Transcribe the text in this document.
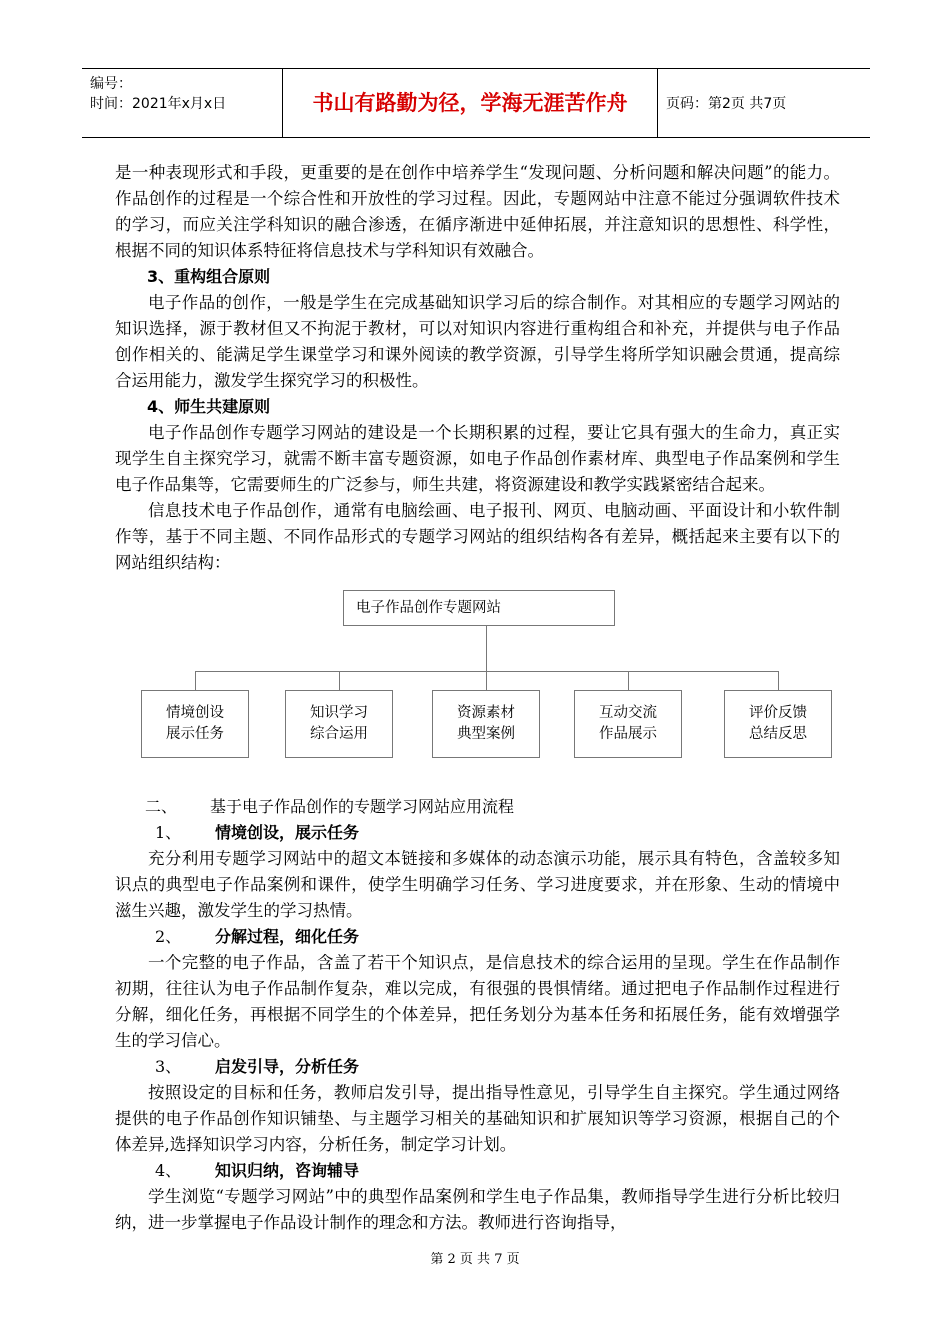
编号：
时间：2021年x月x日	书山有路勤为径，学海无涯苦作舟	页码：第2页 共7页

是一种表现形式和手段，更重要的是在创作中培养学生“发现问题、分析问题和解决问题”的能力。作品创作的过程是一个综合性和开放性的学习过程。因此，专题网站中注意不能过分强调软件技术的学习，而应关注学科知识的融合渗透，在循序渐进中延伸拓展，并注意知识的思想性、科学性，根据不同的知识体系特征将信息技术与学科知识有效融合。

3、重构组合原则

电子作品的创作，一般是学生在完成基础知识学习后的综合制作。对其相应的专题学习网站的知识选择，源于教材但又不拘泥于教材，可以对知识内容进行重构组合和补充，并提供与电子作品创作相关的、能满足学生课堂学习和课外阅读的教学资源，引导学生将所学知识融会贯通，提高综合运用能力，激发学生探究学习的积极性。

4、师生共建原则

电子作品创作专题学习网站的建设是一个长期积累的过程，要让它具有强大的生命力，真正实现学生自主探究学习，就需不断丰富专题资源，如电子作品创作素材库、典型电子作品案例和学生电子作品集等，它需要师生的广泛参与，师生共建，将资源建设和教学实践紧密结合起来。

信息技术电子作品创作，通常有电脑绘画、电子报刊、网页、电脑动画、平面设计和小软件制作等，基于不同主题、不同作品形式的专题学习网站的组织结构各有差异，概括起来主要有以下的网站组织结构：

电子作品创作专题网站
情境创设
展示任务
知识学习
综合运用
资源素材
典型案例
互动交流
作品展示
评价反馈
总结反思

二、 基于电子作品创作的专题学习网站应用流程

1、 情境创设，展示任务

充分利用专题学习网站中的超文本链接和多媒体的动态演示功能，展示具有特色，含盖较多知识点的典型电子作品案例和课件，使学生明确学习任务、学习进度要求，并在形象、生动的情境中滋生兴趣，激发学生的学习热情。

2、 分解过程，细化任务

一个完整的电子作品，含盖了若干个知识点，是信息技术的综合运用的呈现。学生在作品制作初期，往往认为电子作品制作复杂，难以完成，有很强的畏惧情绪。通过把电子作品制作过程进行分解，细化任务，再根据不同学生的个体差异，把任务划分为基本任务和拓展任务，能有效增强学生的学习信心。

3、 启发引导，分析任务

按照设定的目标和任务，教师启发引导，提出指导性意见，引导学生自主探究。学生通过网络提供的电子作品创作知识铺垫、与主题学习相关的基础知识和扩展知识等学习资源，根据自己的个体差异,选择知识学习内容，分析任务，制定学习计划。

4、 知识归纳，咨询辅导

学生浏览“专题学习网站”中的典型作品案例和学生电子作品集，教师指导学生进行分析比较归纳，进一步掌握电子作品设计制作的理念和方法。教师进行咨询指导，

第 2 页 共 7 页
